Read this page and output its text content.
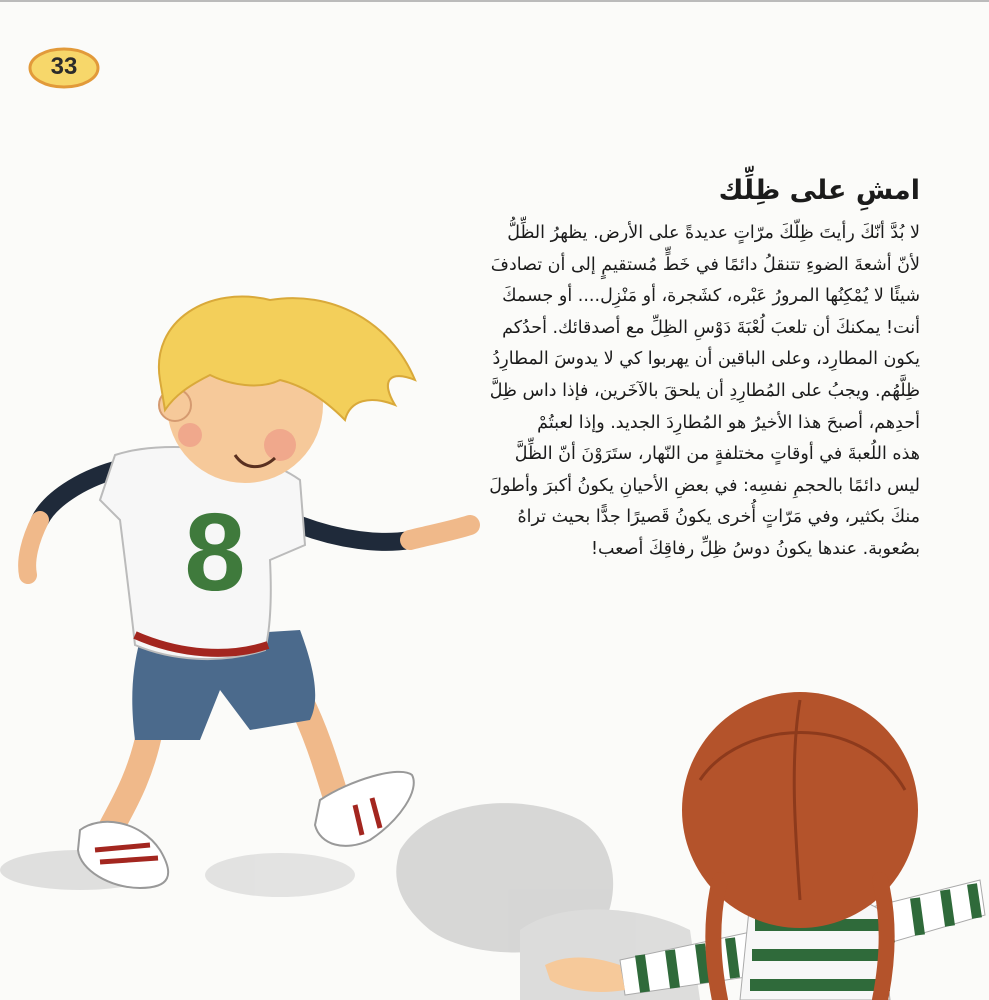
33
8
امشِ على ظِلِّك
لا بُدَّ أنّكَ رأيتَ ظِلّكَ مرّاتٍ عديدةً على الأرض. يظهرُ الظِّلُّ
لأنّ أشعةَ الضوءِ تتنقلُ دائمًا في خَطٍّ مُستقيمٍ إلى أن تصادفَ
شيئًا لا يُمْكِنُها المرورُ عَبْره، كشَجرة، أو مَنْزِل.... أو جسمكَ
أنت! يمكنكَ أن تلعبَ لُعْبَةَ دَوْسِ الظِلِّ مع أصدقائك. أحدُكم
يكون المطارِد، وعلى الباقين أن يهربوا كي لا يدوسَ المطارِدُ
ظِلَّهُم. ويجبُ على المُطارِدِ أن يلحقَ بالآخَرين، فإذا داس ظِلَّ
أحدِهم، أصبحَ هذا الأخيرُ هو المُطارِدَ الجديد. وإذا لعبتُمْ
هذه اللُعبةَ في أوقاتٍ مختلفةٍ من النّهار، ستَرَوْنَ أنّ الظِّلَّ
ليس دائمًا بالحجمِ نفسِه: في بعضِ الأحيانِ يكونُ أكبرَ وأطولَ
منكَ بكثير، وفي مَرّاتٍ أُخرى يكونُ قَصيرًا جدًّا بحيث تراهُ
بصُعوبة. عندها يكونُ دوسُ ظِلِّ رفاقِكَ أصعب!
